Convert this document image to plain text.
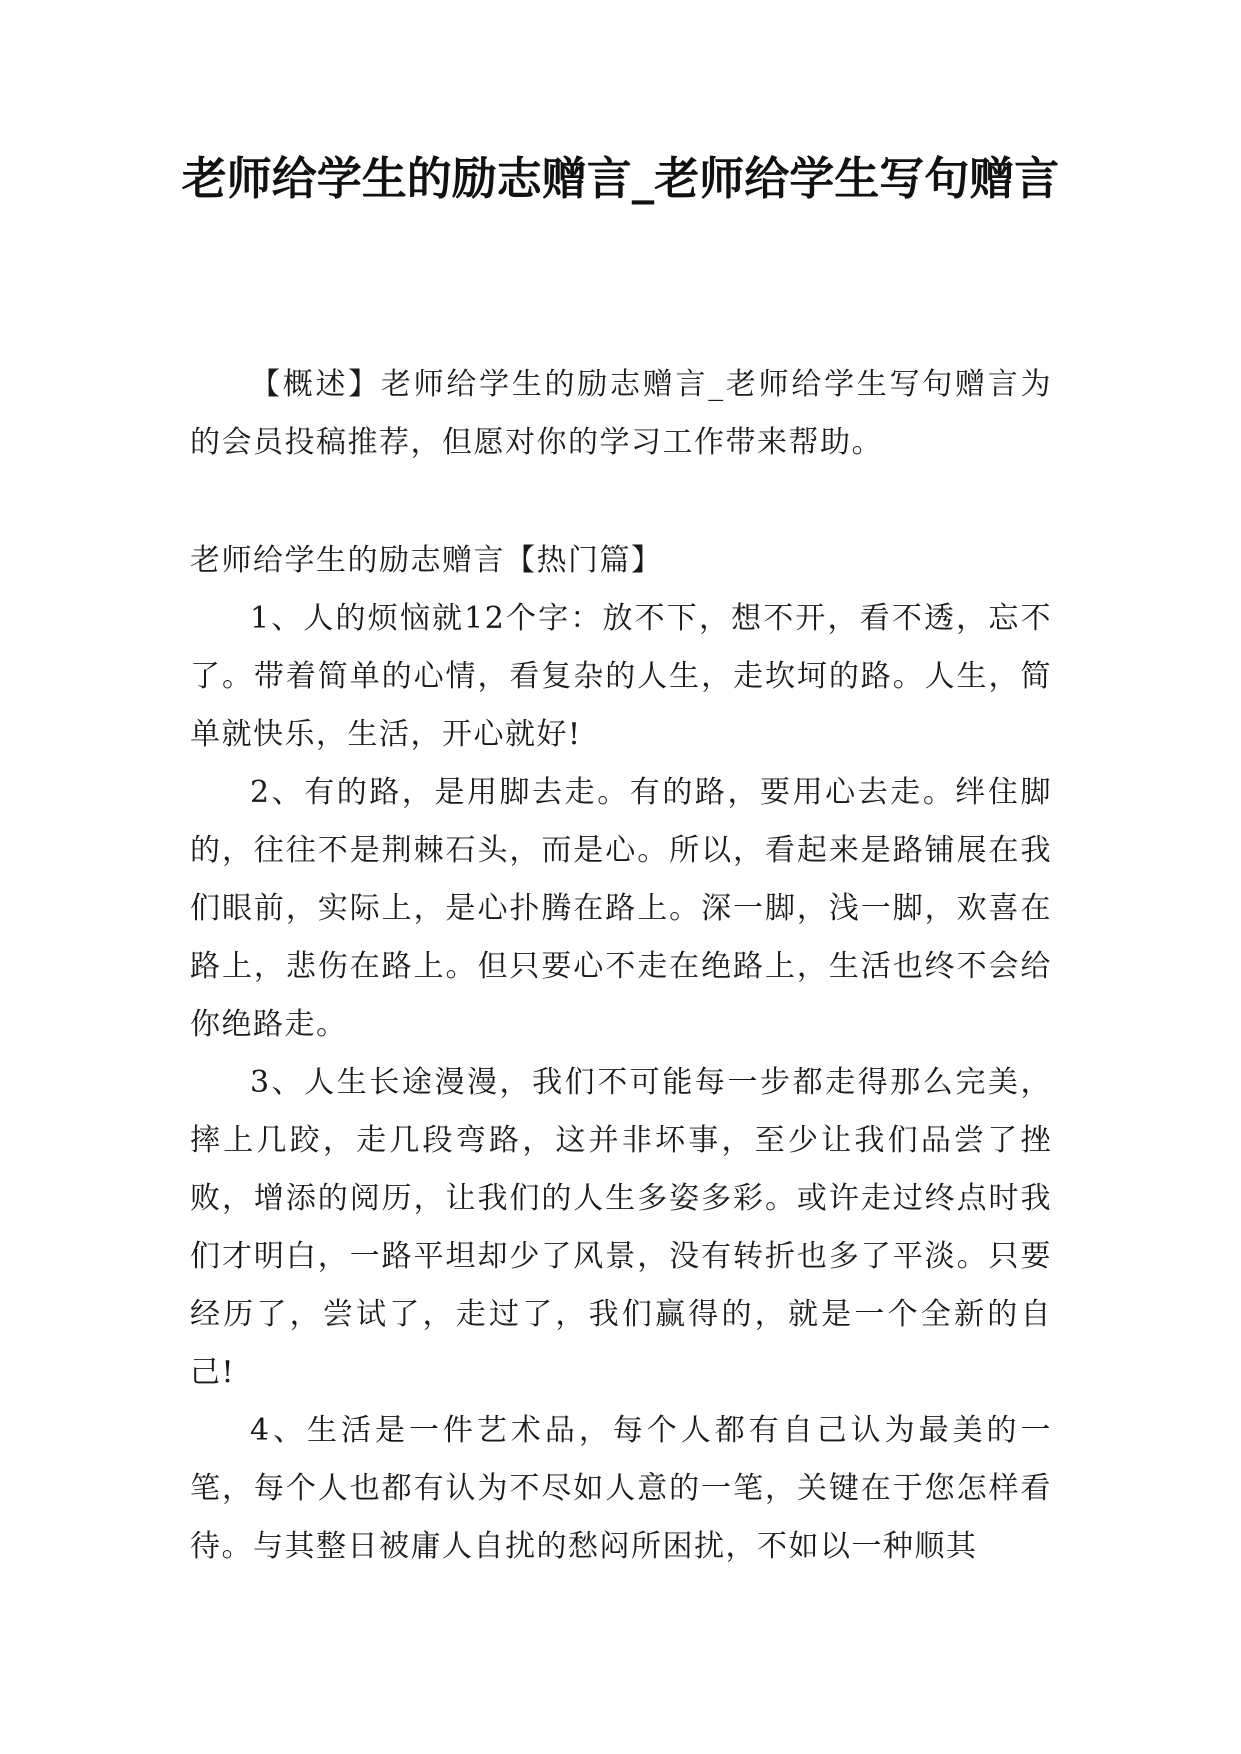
老师给学生的励志赠言_老师给学生写句赠言

【概述】老师给学生的励志赠言_老师给学生写句赠言为的会员投稿推荐，但愿对你的学习工作带来帮助。

老师给学生的励志赠言【热门篇】

1、人的烦恼就12个字：放不下，想不开，看不透，忘不了。带着简单的心情，看复杂的人生，走坎坷的路。人生，简单就快乐，生活，开心就好!

2、有的路，是用脚去走。有的路，要用心去走。绊住脚的，往往不是荆棘石头，而是心。所以，看起来是路铺展在我们眼前，实际上，是心扑腾在路上。深一脚，浅一脚，欢喜在路上，悲伤在路上。但只要心不走在绝路上，生活也终不会给你绝路走。

3、人生长途漫漫，我们不可能每一步都走得那么完美，摔上几跤，走几段弯路，这并非坏事，至少让我们品尝了挫败，增添的阅历，让我们的人生多姿多彩。或许走过终点时我们才明白，一路平坦却少了风景，没有转折也多了平淡。只要经历了，尝试了，走过了，我们赢得的，就是一个全新的自己!

4、生活是一件艺术品，每个人都有自己认为最美的一笔，每个人也都有认为不尽如人意的一笔，关键在于您怎样看待。与其整日被庸人自扰的愁闷所困扰，不如以一种顺其
